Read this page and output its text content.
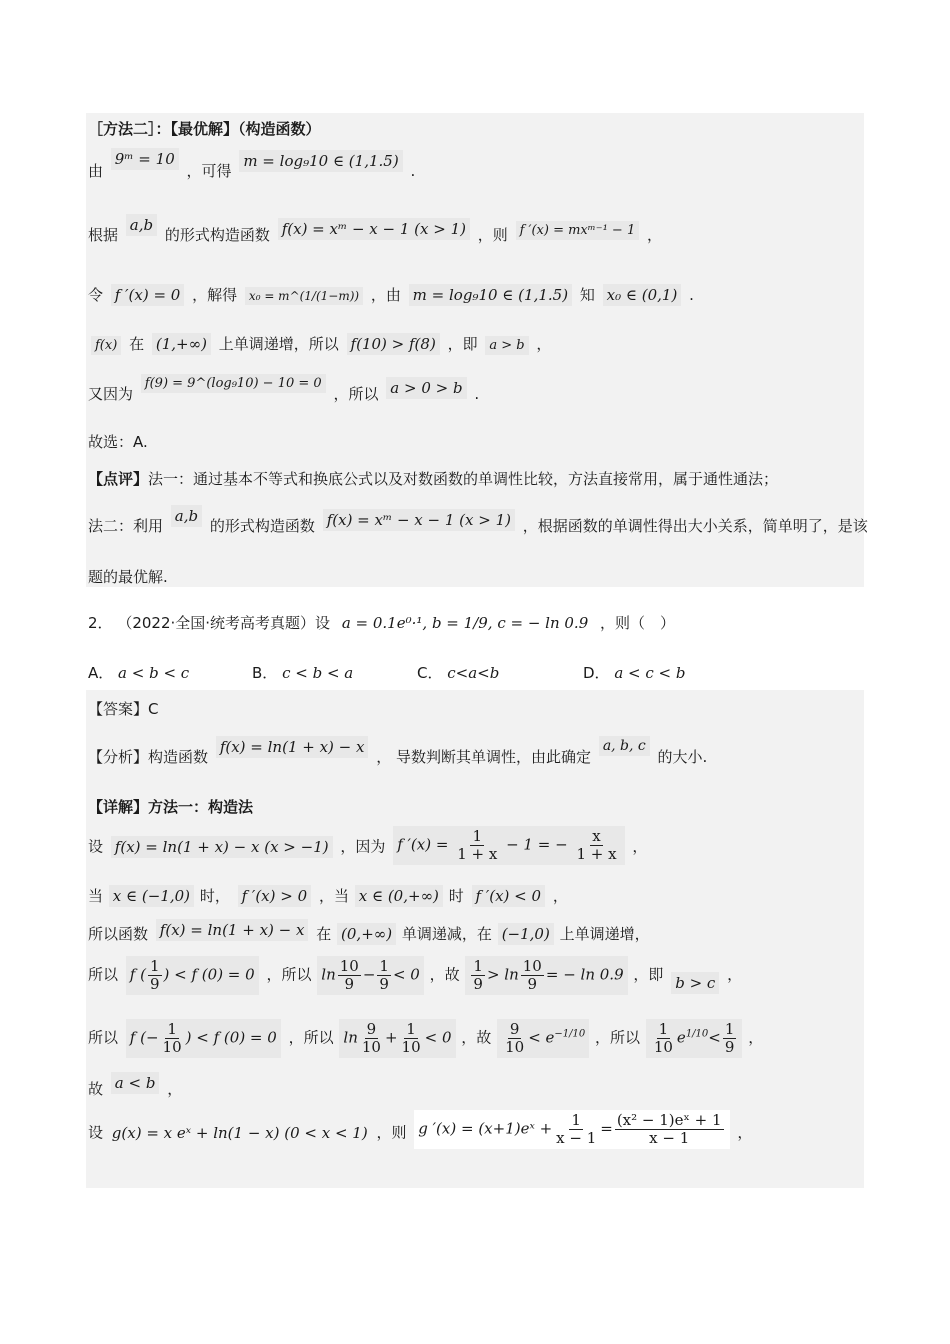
［方法二］：【最优解】（构造函数）
由 9ᵐ = 10 ，可得 m = log₉10 ∈ (1,1.5) .
根据 a,b 的形式构造函数 f(x) = xᵐ − x − 1 (x > 1) ，则 f ′(x) = mxᵐ⁻¹ − 1 ，
令 f ′(x) = 0 ，解得 x₀ = m^(1/(1−m)) ，由 m = log₉10 ∈ (1,1.5) 知 x₀ ∈ (0,1) .
f(x) 在 (1,+∞) 上单调递增，所以 f(10) > f(8) ，即 a > b ，
又因为 f(9) = 9^(log₉10) − 10 = 0 ，所以 a > 0 > b .
故选：A.
【点评】法一：通过基本不等式和换底公式以及对数函数的单调性比较，方法直接常用，属于通性通法；
法二：利用 a,b 的形式构造函数 f(x) = xᵐ − x − 1 (x > 1) ，根据函数的单调性得出大小关系，简单明了，是该
题的最优解.
2． （2022·全国·统考高考真题）设 a = 0.1e⁰·¹, b = 1/9, c = − ln 0.9 ，则（　）
A． a < b < c	B． c < b < a	C． c<a<b	D． a < c < b
【答案】C
【分析】构造函数 f(x) = ln(1 + x) − x ， 导数判断其单调性，由此确定 a, b, c 的大小.
【详解】方法一：构造法
设 f(x) = ln(1 + x) − x (x > −1) ，因为 f $'(x) = \frac{1}{1 + x} - 1$ = − $\frac{x}{1 + x}$ ，
当 x ∈ (−1,0) 时， f ′(x) > 0 ，当 x ∈ (0,+∞) 时 f ′(x) < 0 ，
所以函数 f(x) = ln(1 + x) − x 在 (0,+∞) 单调递减，在 (−1,0) 上单调递增，
所以 f ( $\frac{1}{9}$ ) < f (0) = 0 ，所以 $\ln \frac{10}{9} - \frac{1}{9} < 0$ ，故 $\frac{1}{9} > \ln \frac{10}{9}$ = − ln 0.9 ，即 b > c ，
所以 f (− $\frac{1}{10}$ ) < f (0) = 0 ，所以 $\ln \frac{9}{10} + \frac{1}{10} < 0$ ，故 $\frac{9}{10} < e^{-1/10}$ ，所以 $\frac{1}{10} e^{1/10}< \frac{1}{9}$ ，
故 a < b ，
设 g(x) = x eˣ + ln(1 − x) (0 < x < 1) ，则 g ′(x) = (x+1)eˣ + $\frac{1}{x - 1} = \frac{\text{(x² − 1)eˣ + 1}}{x - 1}$ ，
